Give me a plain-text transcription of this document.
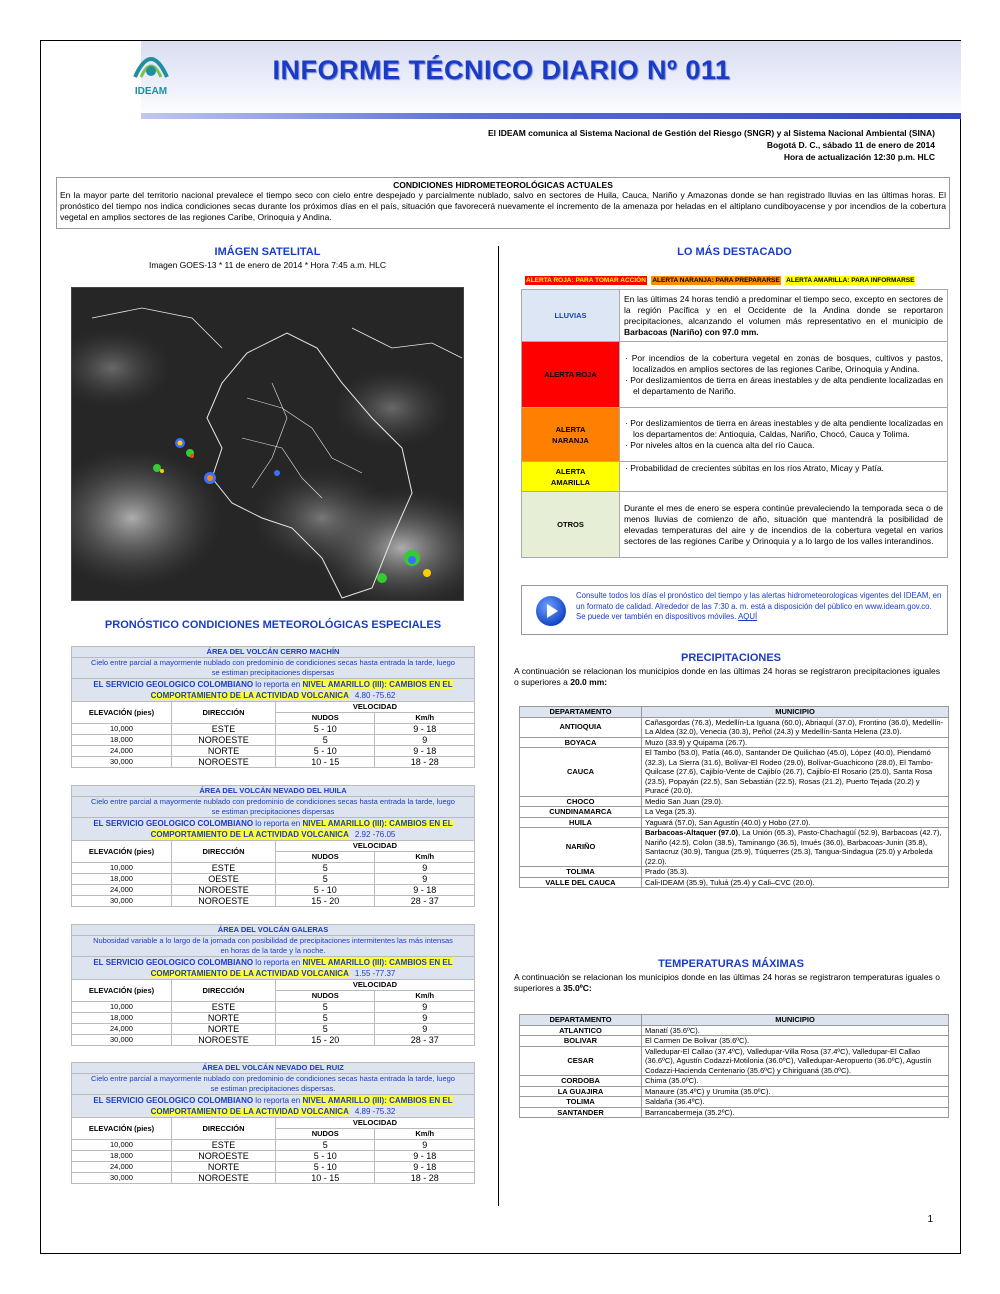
IDEAM
INFORME TÉCNICO DIARIO Nº 011
El IDEAM comunica al Sistema Nacional de Gestión del Riesgo (SNGR) y al Sistema Nacional Ambiental (SINA)
Bogotá D. C., sábado 11 de enero de 2014
Hora de actualización 12:30 p.m. HLC
CONDICIONES HIDROMETEOROLÓGICAS ACTUALES
En la mayor parte del territorio nacional prevalece el tiempo seco con cielo entre despejado y parcialmente nublado, salvo en sectores de Huila, Cauca, Nariño y Amazonas donde se han registrado lluvias en las últimas horas. El pronóstico del tiempo nos indica condiciones secas durante los próximos días en el país, situación que favorecerá nuevamente el incremento de la amenaza por heladas en el altiplano cundiboyacense y por incendios de la cobertura vegetal en amplios sectores de las regiones Caribe, Orinoquia y Andina.
IMÁGEN SATELITAL
Imagen GOES-13 * 11 de enero de 2014 * Hora 7:45 a.m. HLC
LO MÁS DESTACADO
ALERTA ROJA: PARA TOMAR ACCIÓN ALERTA NARANJA: PARA PREPARARSE ALERTA AMARILLA: PARA INFORMARSE
LLUVIAS	En las últimas 24 horas tendió a predominar el tiempo seco, excepto en sectores de la región Pacífica y en el Occidente de la Andina donde se reportaron precipitaciones, alcanzando el volumen más representativo en el municipio de Barbacoas (Nariño) con 97.0 mm.
ALERTA ROJA	· Por incendios de la cobertura vegetal en zonas de bosques, cultivos y pastos, localizados en amplios sectores de las regiones Caribe, Orinoquia y Andina.
· Por deslizamientos de tierra en áreas inestables y de alta pendiente localizadas en el departamento de Nariño.

ALERTA
NARANJA	· Por deslizamientos de tierra en áreas inestables y de alta pendiente localizadas en los departamentos de: Antioquia, Caldas, Nariño, Chocó, Cauca y Tolima.
· Por niveles altos en la cuenca alta del río Cauca.

ALERTA
AMARILLA	· Probabilidad de crecientes súbitas en los ríos Atrato, Micay y Patía.

OTROS	Durante el mes de enero se espera continúe prevaleciendo la temporada seca o de menos lluvias de comienzo de año, situación que mantendrá la posibilidad de elevadas temperaturas del aire y de incendios de la cobertura vegetal en varios sectores de las regiones Caribe y Orinoquia y a lo largo de los valles interandinos.
Consulte todos los días el pronóstico del tiempo y las alertas hidrometeorologicas vigentes del IDEAM, en un formato de calidad. Alrededor de las 7:30 a. m. está a disposición del público en www.ideam.gov.co. Se puede ver también en dispositivos móviles. AQUÍ
PRONÓSTICO CONDICIONES METEOROLÓGICAS ESPECIALES
ÁREA DEL VOLCÁN CERRO MACHÍN			

Cielo entre parcial a mayormente nublado con predominio de condiciones secas hasta entrada la tarde, luego
se estiman precipitaciones dispersas			

EL SERVICIO GEOLOGICO COLOMBIANO lo reporta en NIVEL AMARILLO (III): CAMBIOS EN EL
COMPORTAMIENTO DE LA ACTIVIDAD VOLCANICA 4.80 -75.62			
ELEVACIÓN (pies)	DIRECCIÓN	VELOCIDAD	
		NUDOS	Km/h
10,000	ESTE	5 - 10	9 - 18
18,000	NOROESTE	5	9
24,000	NORTE	5 - 10	9 - 18
30,000	NOROESTE	10 - 15	18 - 28
ÁREA DEL VOLCÁN NEVADO DEL HUILA			

Cielo entre parcial a mayormente nublado con predominio de condiciones secas hasta entrada la tarde, luego
se estiman precipitaciones dispersas			

EL SERVICIO GEOLOGICO COLOMBIANO lo reporta en NIVEL AMARILLO (III): CAMBIOS EN EL
COMPORTAMIENTO DE LA ACTIVIDAD VOLCANICA 2.92 -76.05			
ELEVACIÓN (pies)	DIRECCIÓN	VELOCIDAD	
		NUDOS	Km/h
10,000	ESTE	5	9
18,000	OESTE	5	9
24,000	NOROESTE	5 - 10	9 - 18
30,000	NOROESTE	15 - 20	28 - 37
ÁREA DEL VOLCÁN GALERAS			

Nubosidad variable a lo largo de la jornada con posibilidad de precipitaciones intermitentes las más intensas
en horas de la tarde y la noche.			

EL SERVICIO GEOLOGICO COLOMBIANO lo reporta en NIVEL AMARILLO (III): CAMBIOS EN EL
COMPORTAMIENTO DE LA ACTIVIDAD VOLCANICA 1.55 -77.37			
ELEVACIÓN (pies)	DIRECCIÓN	VELOCIDAD	
		NUDOS	Km/h
10,000	ESTE	5	9
18,000	NORTE	5	9
24,000	NORTE	5	9
30,000	NOROESTE	15 - 20	28 - 37
ÁREA DEL VOLCÁN NEVADO DEL RUIZ			

Cielo entre parcial a mayormente nublado con predominio de condiciones secas hasta entrada la tarde, luego
se estiman precipitaciones dispersas.			

EL SERVICIO GEOLOGICO COLOMBIANO lo reporta en NIVEL AMARILLO (III): CAMBIOS EN EL
COMPORTAMIENTO DE LA ACTIVIDAD VOLCANICA 4.89 -75.32			
ELEVACIÓN (pies)	DIRECCIÓN	VELOCIDAD	
		NUDOS	Km/h
10,000	ESTE	5	9
18,000	NOROESTE	5 - 10	9 - 18
24,000	NORTE	5 - 10	9 - 18
30,000	NOROESTE	10 - 15	18 - 28
PRECIPITACIONES
A continuación se relacionan los municipios donde en las últimas 24 horas se registraron precipitaciones iguales o superiores a 20.0 mm:
DEPARTAMENTO	MUNICIPIO
ANTIOQUIA	Cañasgordas (76.3), Medellín-La Iguana (60.0), Abriaquí (37.0), Frontino (36.0), Medellín-La Aldea (32.0), Venecia (30.3), Peñol (24.3) y Medellín-Santa Helena (23.0).
BOYACA	Muzo (33.9) y Quipama (26.7).
CAUCA	El Tambo (53.0), Patía (46.0), Santander De Quilichao (45.0), López (40.0), Piendamó (32.3), La Sierra (31.6), Bolívar-El Rodeo (29.0), Bolívar-Guachicono (28.0), El Tambo-Quilcase (27.6), Cajibío-Vente de Cajibío (26.7), Cajibío-El Rosario (25.0), Santa Rosa (23.5), Popayán (22.5), San Sebastián (22.5), Rosas (21.2), Puerto Tejada (20.2) y Puracé (20.0).
CHOCO	Medio San Juan (29.0).
CUNDINAMARCA	La Vega (25.3).
HUILA	Yaguará (57.0), San Agustín (40.0) y Hobo (27.0).
NARIÑO	Barbacoas-Altaquer (97.0), La Unión (65.3), Pasto-Chachagüí (52.9), Barbacoas (42.7), Nariño (42.5), Colon (38.5), Taminango (36.5), Imués (36.0), Barbacoas-Junin (35.8), Santacruz (30.9), Tangua (25.9), Túquerres (25.3), Tangua-Sindagua (25.0) y Arboleda (22.0).
TOLIMA	Prado (35.3).
VALLE DEL CAUCA	Cali-IDEAM (35.9), Tuluá (25.4) y Cali–CVC (20.0).
TEMPERATURAS MÁXIMAS
A continuación se relacionan los municipios donde en las últimas 24 horas se registraron temperaturas iguales o superiores a 35.0ºC:
DEPARTAMENTO	MUNICIPIO
ATLANTICO	Manatí (35.6ºC).
BOLIVAR	El Carmen De Bolivar (35.6ºC).
CESAR	Valledupar-El Callao (37.4ºC), Valledupar-Villa Rosa (37.4ºC), Valledupar-El Callao (36.6ºC), Agustín Codazzi-Motilonia (36.0ºC), Valledupar-Aeropuerto (36.0ºC), Agustín Codazzi-Hacienda Centenario (35.6ºC) y Chiriguaná (35.0ºC).
CORDOBA	Chima (35.0ºC).
LA GUAJIRA	Manaure (35.4ºC) y Urumita (35.0ºC).
TOLIMA	Saldaña (36.4ºC).
SANTANDER	Barrancabermeja (35.2ºC).
1
